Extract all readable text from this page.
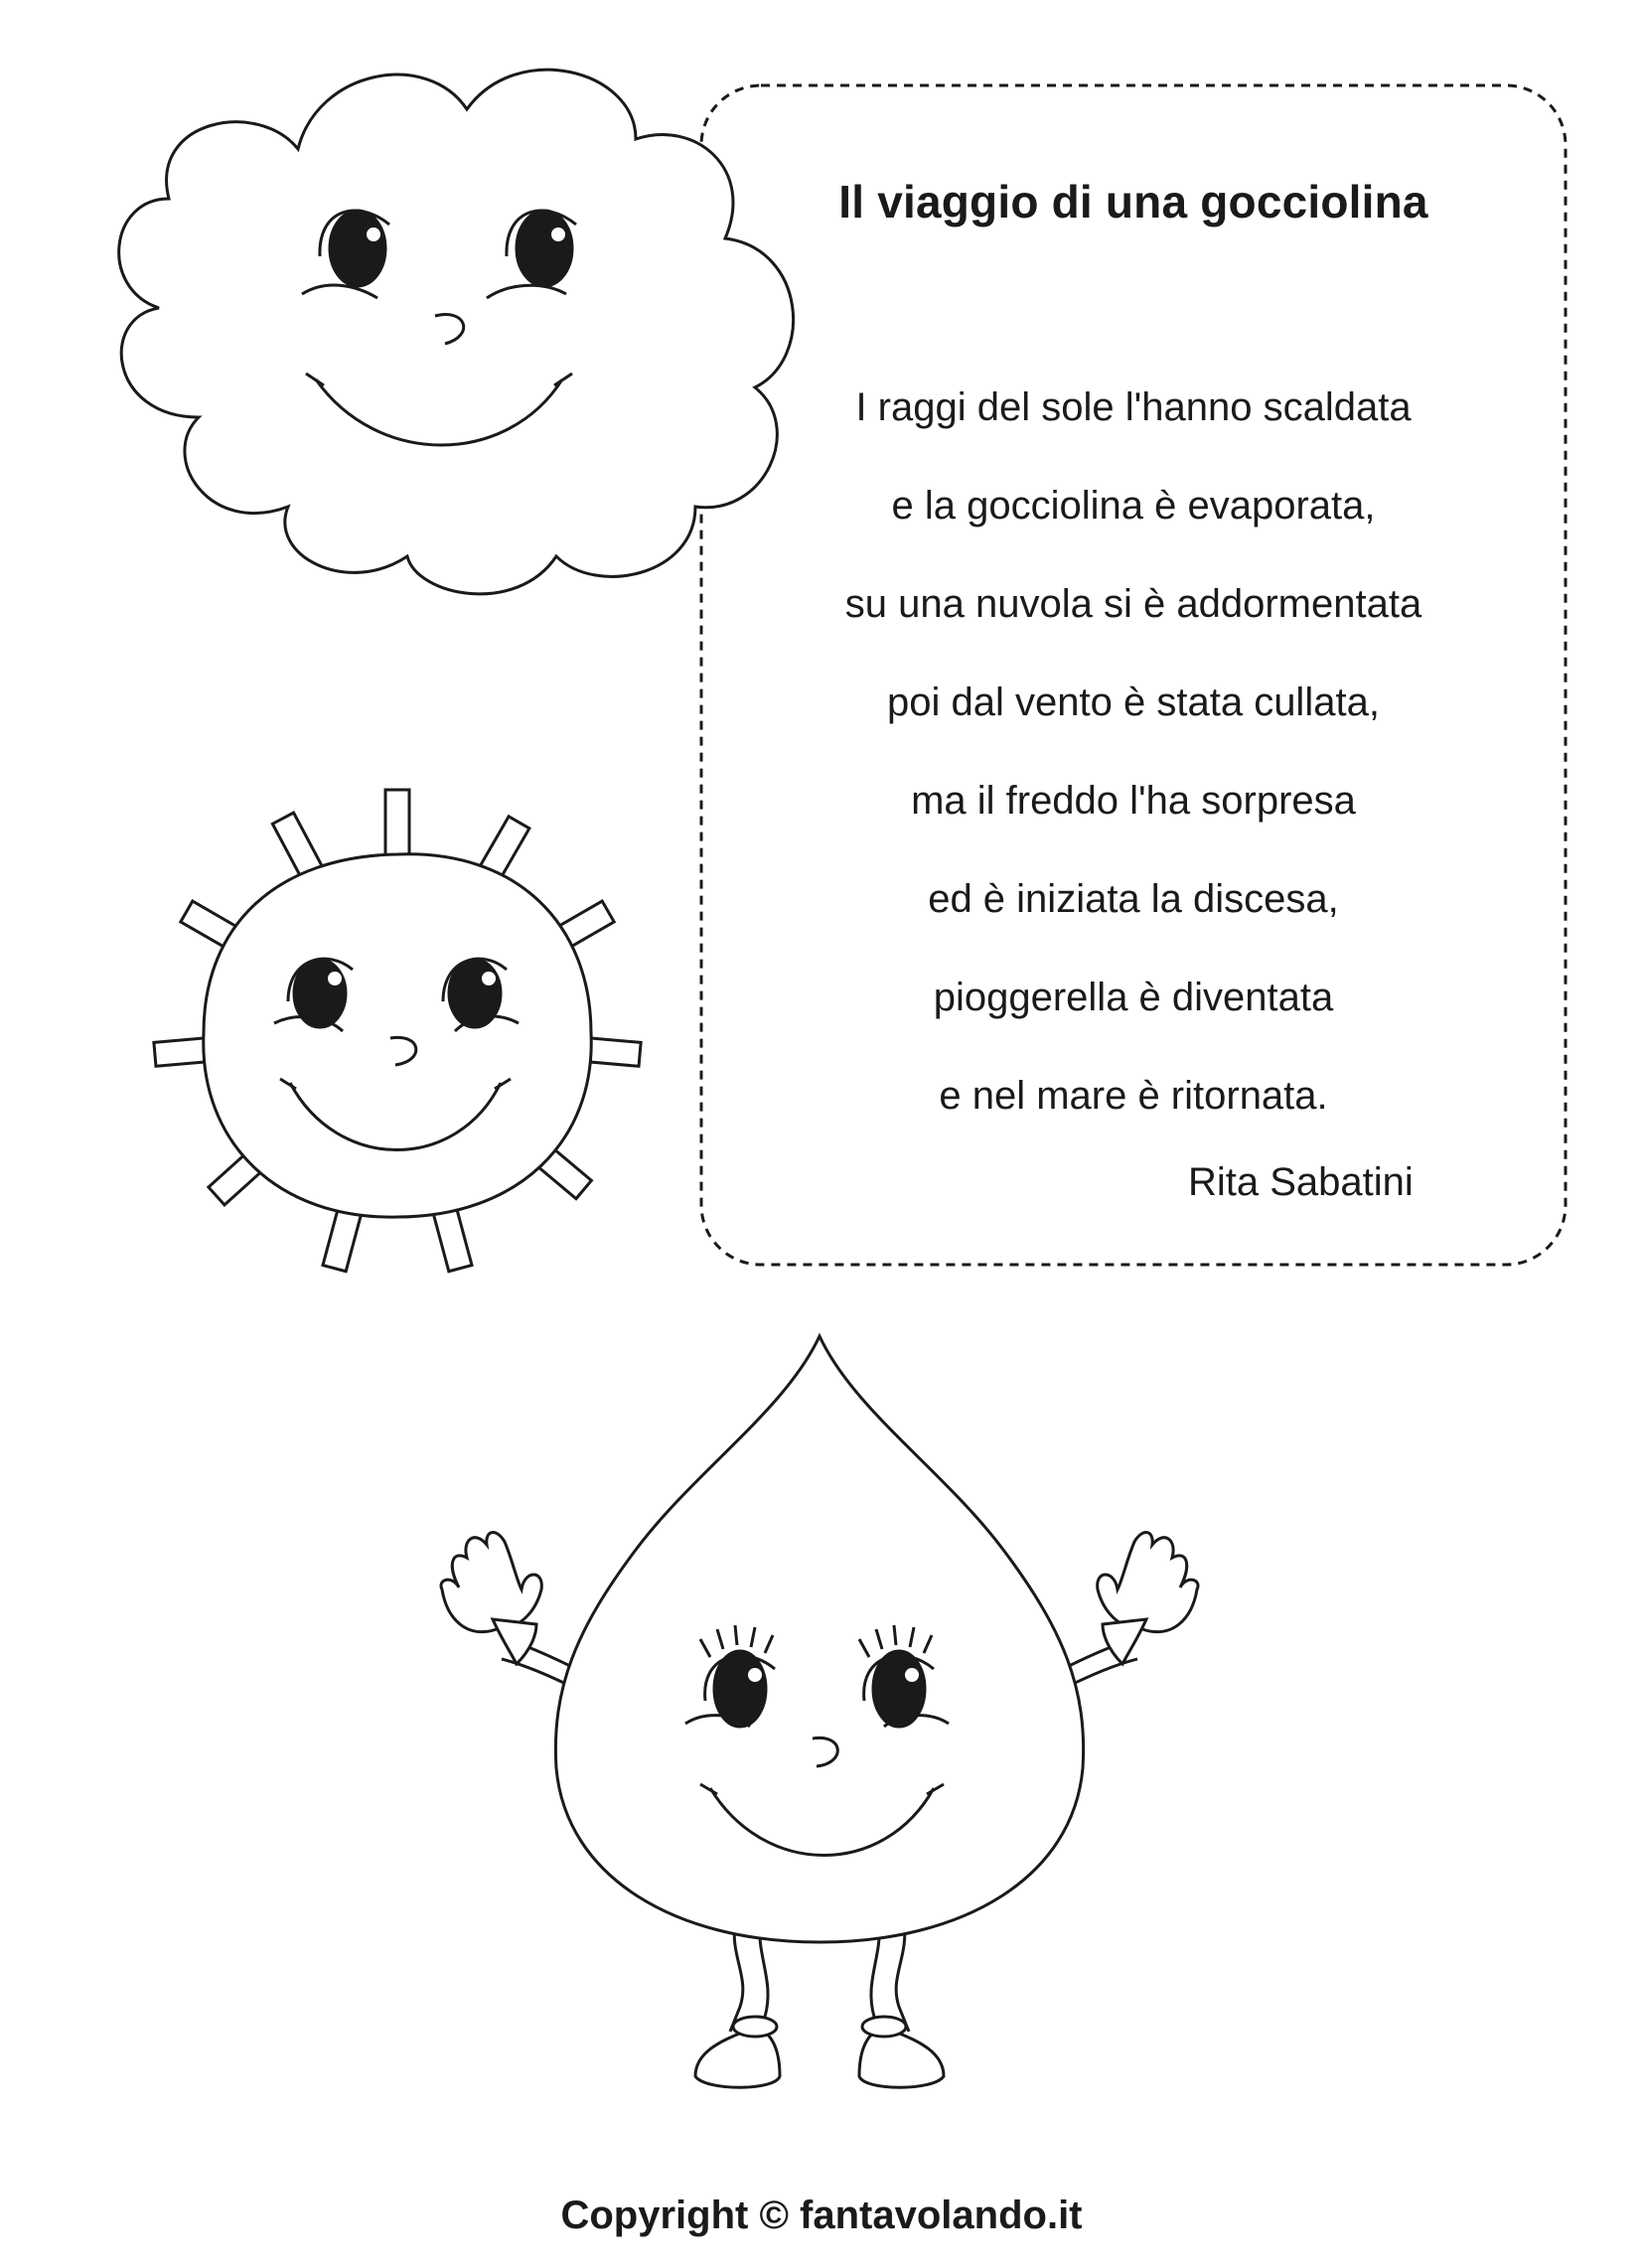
Il viaggio di una gocciolina
I raggi del sole l'hanno scaldata
e la gocciolina è evaporata,
su una nuvola si è addormentata
poi dal vento è stata cullata,
ma il freddo l'ha sorpresa
ed è iniziata la discesa,
pioggerella è diventata
e nel mare è ritornata.
Rita Sabatini
Copyright © fantavolando.it
